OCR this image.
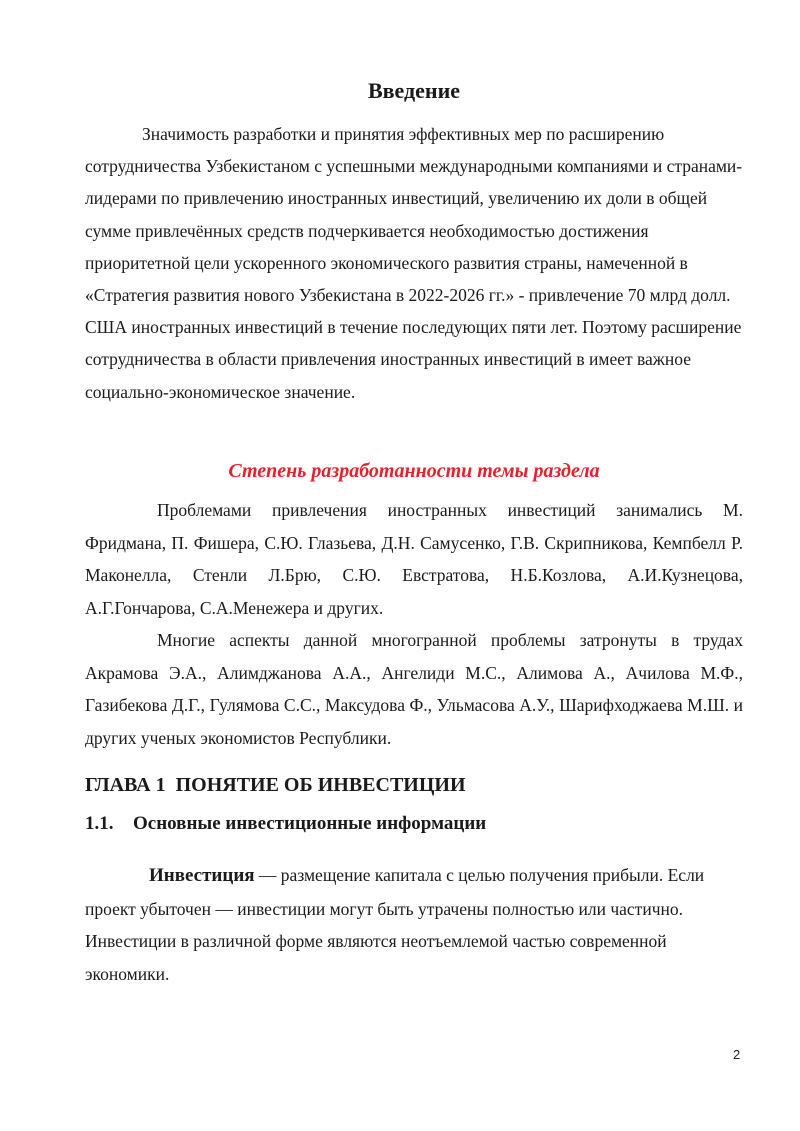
Введение

Значимость разработки и принятия эффективных мер по расширению сотрудничества Узбекистаном с успешными международными компаниями и странами-лидерами по привлечению иностранных инвестиций, увеличению их доли в общей сумме привлечённых средств подчеркивается необходимостью достижения приоритетной цели ускоренного экономического развития страны, намеченной в «Стратегия развития нового Узбекистана в 2022-2026 гг.» - привлечение 70 млрд долл. США иностранных инвестиций в течение последующих пяти лет. Поэтому расширение сотрудничества в области привлечения иностранных инвестиций в имеет важное социально-экономическое значение.

Степень разработанности темы раздела

Проблемами привлечения иностранных инвестиций занимались М. Фридмана, П. Фишера, С.Ю. Глазьева, Д.Н. Самусенко, Г.В. Скрипникова, Кемпбелл Р. Маконелла, Стенли Л.Брю, С.Ю. Евстратова, Н.Б.Козлова, А.И.Кузнецова, А.Г.Гончарова, С.А.Менежера и других.

Многие аспекты данной многогранной проблемы затронуты в трудах Акрамова Э.А., Алимджанова А.А., Ангелиди М.С., Алимова А., Ачилова М.Ф., Газибекова Д.Г., Гулямова С.С., Максудова Ф., Ульмасова А.У., Шарифходжаева М.Ш. и других ученых экономистов Республики.

ГЛАВА 1  ПОНЯТИЕ ОБ ИНВЕСТИЦИИ
1.1. Основные инвестиционные информации

Инвестиция — размещение капитала с целью получения прибыли. Если проект убыточен — инвестиции могут быть утрачены полностью или частично. Инвестиции в различной форме являются неотъемлемой частью современной экономики.

2
